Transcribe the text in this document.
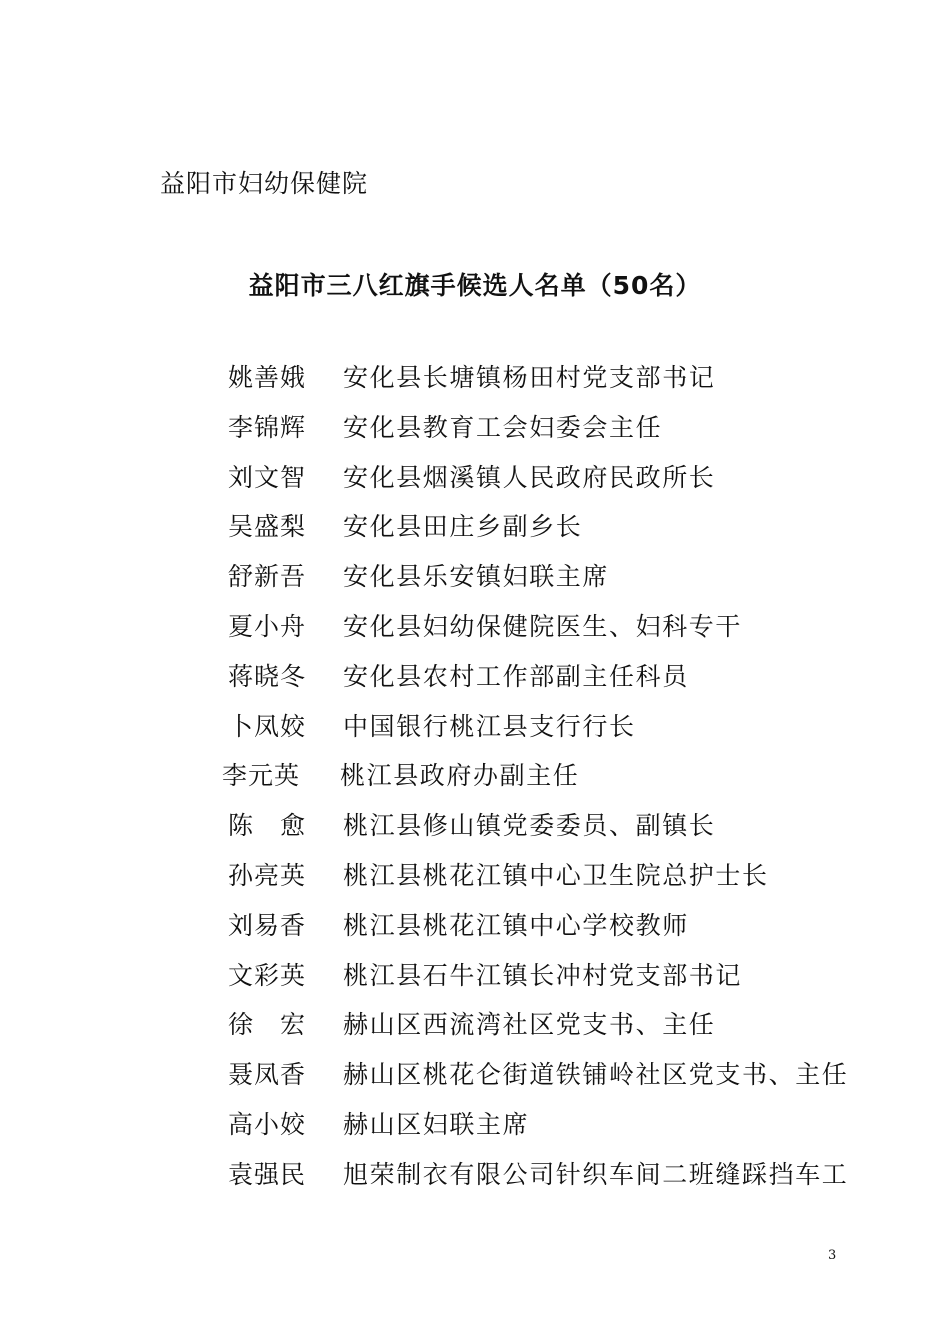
益阳市妇幼保健院
益阳市三八红旗手候选人名单（50名）
姚善娥 安化县长塘镇杨田村党支部书记
李锦辉 安化县教育工会妇委会主任
刘文智 安化县烟溪镇人民政府民政所长
吴盛梨 安化县田庄乡副乡长
舒新吾 安化县乐安镇妇联主席
夏小舟 安化县妇幼保健院医生、妇科专干
蒋晓冬 安化县农村工作部副主任科员
卜凤姣 中国银行桃江县支行行长
李元英 桃江县政府办副主任
陈　愈 桃江县修山镇党委委员、副镇长
孙亮英 桃江县桃花江镇中心卫生院总护士长
刘易香 桃江县桃花江镇中心学校教师
文彩英 桃江县石牛江镇长冲村党支部书记
徐　宏 赫山区西流湾社区党支书、主任
聂凤香 赫山区桃花仑街道铁铺岭社区党支书、主任
高小姣 赫山区妇联主席
袁强民 旭荣制衣有限公司针织车间二班缝踩挡车工
3
